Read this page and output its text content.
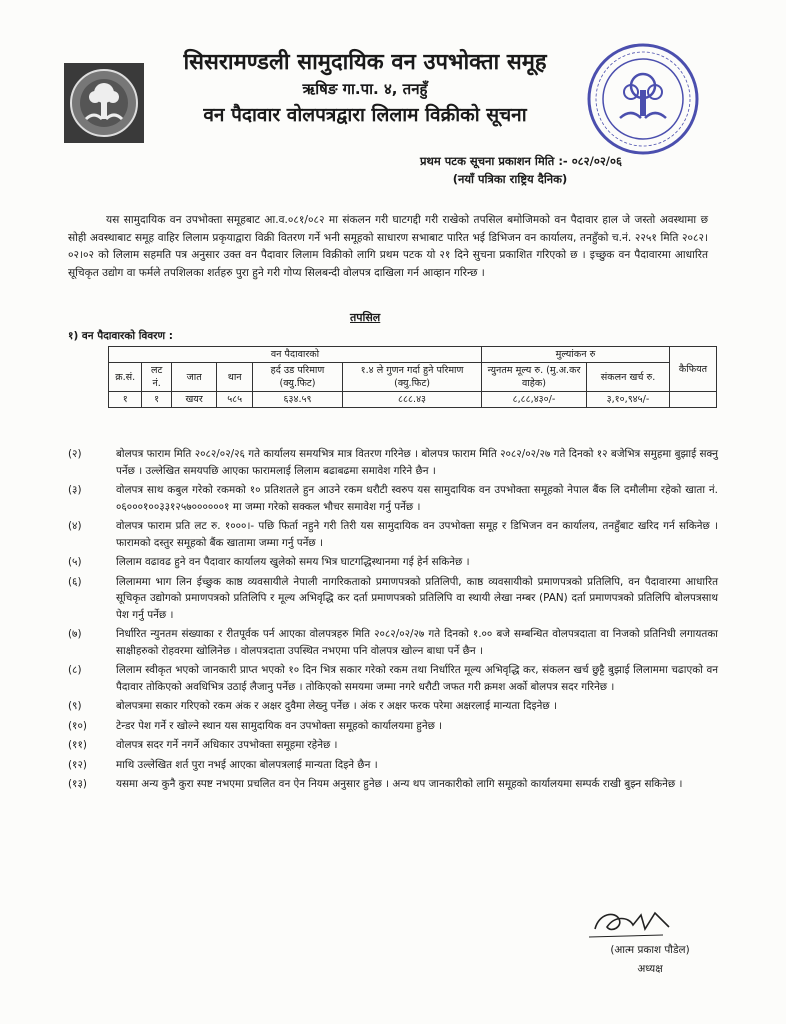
सिसरामण्डली सामुदायिक वन उपभोक्ता समूह
ऋषिङ गा.पा. ४, तनहुँ
वन पैदावार वोलपत्रद्वारा लिलाम विक्रीको सूचना
प्रथम पटक सूचना प्रकाशन मिति :- ०८२/०२/०६
(नयाँ पत्रिका राष्ट्रिय दैनिक)
यस सामुदायिक वन उपभोक्ता समूहबाट आ.व.०८१/०८२ मा संकलन गरी घाटगद्दी गरी राखेको तपसिल बमोजिमको वन पैदावार हाल जे जस्तो अवस्थामा छ सोही अवस्थाबाट समूह वाहिर लिलाम प्रकृयाद्वारा विक्री वितरण गर्ने भनी समूहको साधारण सभाबाट पारित भई डिभिजन वन कार्यालय, तनहुँको च.नं. २२५१ मिति २०८२।०२।०२ को लिलाम सहमति पत्र अनुसार उक्त वन पैदावार लिलाम विक्रीको लागि प्रथम पटक यो २१ दिने सुचना प्रकाशित गरिएको छ । इच्छुक वन पैदावारमा आधारित सूचिकृत उद्योग वा फर्मले तपशिलका शर्तहरु पुरा हुने गरी गोप्य सिलबन्दी वोलपत्र दाखिला गर्न आव्हान गरिन्छ ।
तपसिल
१) वन पैदावारको विवरण :
वन पैदावारको						मुल्यांकन रु		कैफियत
क्र.सं.	लट नं.	जात	थान	हर्द उड परिमाण (क्यु.फिट)	१.४ ले गुणन गर्दा हुने परिमाण (क्यु.फिट)	न्युनतम मूल्य रु. (मु.अ.कर वाहेक)	संकलन खर्च रु.	
१	१	खयर	५८५	६३४.५९	८८८.४३	८,८८,४३०/-	३,१०,९४५/-	
(२)	बोलपत्र फाराम मिति २०८२/०२/२६ गते कार्यालय समयभित्र मात्र वितरण गरिनेछ । बोलपत्र फाराम मिति २०८२/०२/२७ गते दिनको १२ बजेभित्र समुहमा बुझाई सक्नु पर्नेछ । उल्लेखित समयपछि आएका फारामलाई लिलाम बढाबढमा समावेश गरिने छैन ।
(३)	वोलपत्र साथ कबुल गरेको रकमको १० प्रतिशतले हुन आउने रकम धरौटी स्वरुप यस सामुदायिक वन उपभोक्ता समूहको नेपाल बैंक लि दमौलीमा रहेको खाता नं. ०६०००१००३३१२५७००००००१ मा जम्मा गरेको सक्कल भौचर समावेश गर्नु पर्नेछ ।
(४)	वोलपत्र फाराम प्रति लट रु. १०००।- पछि फिर्ता नहुने गरी तिरी यस सामुदायिक वन उपभोक्ता समूह र डिभिजन वन कार्यालय, तनहुँबाट खरिद गर्न सकिनेछ । फारामको दस्तुर समूहको बैंक खातामा जम्मा गर्नु पर्नेछ ।
(५)	लिलाम वढावढ हुने वन पैदावार कार्यालय खुलेको समय भित्र घाटगद्धिस्थानमा गई हेर्न सकिनेछ ।
(६)	लिलाममा भाग लिन ईच्छुक काष्ठ व्यवसायीले नेपाली नागरिकताको प्रमाणपत्रको प्रतिलिपी, काष्ठ व्यवसायीको प्रमाणपत्रको प्रतिलिपि, वन पैदावारमा आधारित सूचिकृत उद्योगको प्रमाणपत्रको प्रतिलिपि र मूल्य अभिवृद्धि कर दर्ता प्रमाणपत्रको प्रतिलिपि वा स्थायी लेखा नम्बर (PAN) दर्ता प्रमाणपत्रको प्रतिलिपि बोलपत्रसाथ पेश गर्नु पर्नेछ ।
(७)	निर्धारित न्युनतम संख्याका र रीतपूर्वक पर्न आएका वोलपत्रहरु मिति २०८२/०२/२७ गते दिनको १.०० बजे सम्बन्धित वोलपत्रदाता वा निजको प्रतिनिधी लगायतका साक्षीहरुको रोहवरमा खोलिनेछ । वोलपत्रदाता उपस्थित नभएमा पनि वोलपत्र खोल्न बाधा पर्ने छैन ।
(८)	लिलाम स्वीकृत भएको जानकारी प्राप्त भएको १० दिन भित्र सकार गरेको रकम तथा निर्धारित मूल्य अभिवृद्धि कर, संकलन खर्च छुट्टै बुझाई लिलाममा चढाएको वन पैदावार तोकिएको अवधिभित्र उठाई लैजानु पर्नेछ । तोकिएको समयमा जम्मा नगरे धरौटी जफत गरी क्रमश अर्को बोलपत्र सदर गरिनेछ ।
(९)	बोलपत्रमा सकार गरिएको रकम अंक र अक्षर दुवैमा लेख्नु पर्नेछ । अंक र अक्षर फरक परेमा अक्षरलाई मान्यता दिइनेछ ।
(१०)	टेन्डर पेश गर्ने र खोल्ने स्थान यस सामुदायिक वन उपभोक्ता समूहको कार्यालयमा हुनेछ ।
(११)	वोलपत्र सदर गर्ने नगर्ने अधिकार उपभोक्ता समूहमा रहेनेछ ।
(१२)	माथि उल्लेखित शर्त पुरा नभई आएका बोलपत्रलाई मान्यता दिइने छैन ।
(१३)	यसमा अन्य कुनै कुरा स्पष्ट नभएमा प्रचलित वन ऐन नियम अनुसार हुनेछ । अन्य थप जानकारीको लागि समूहको कार्यालयमा सम्पर्क राखी बुझ्न सकिनेछ ।
(आत्म प्रकाश पौडेल)
अध्यक्ष
